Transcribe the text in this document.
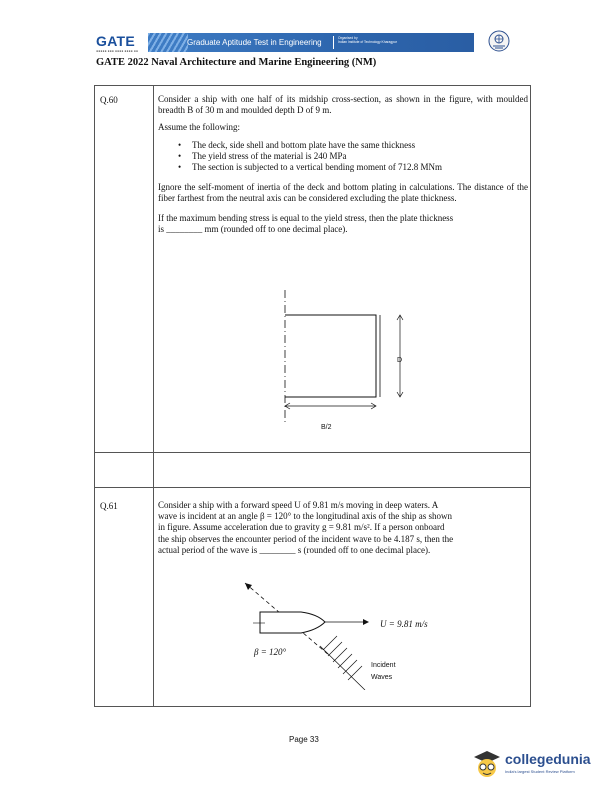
GATE
●●●●● ●●● ●●●● ●●●● ●●
Graduate Aptitude Test in Engineering	Organised by
Indian Institute of Technology Kharagpur
GATE 2022 Naval Architecture and Marine Engineering (NM)
Q.60	Consider a ship with one half of its midship cross-section, as shown in the figure, with moulded breadth B of 30 m and moulded depth D of 9 m.

Assume the following:

• The deck, side shell and bottom plate have the same thickness
• The yield stress of the material is 240 MPa
• The section is subjected to a vertical bending moment of 712.8 MNm

Ignore the self-moment of inertia of the deck and bottom plating in calculations. The distance of the fiber farthest from the neutral axis can be considered excluding the plate thickness.

If the maximum bending stress is equal to the yield stress, then the plate thickness

is ________ mm (rounded off to one decimal place).

D
B/2
Q.61	Consider a ship with a forward speed U of 9.81 m/s moving in deep waters. A

wave is incident at an angle β = 120° to the longitudinal axis of the ship as shown

in figure. Assume acceleration due to gravity g = 9.81 m/s². If a person onboard

the ship observes the encounter period of the incident wave to be 4.187 s, then the

actual period of the wave is ________ s (rounded off to one decimal place).

U = 9.81 m/s
β = 120°
Incident
Waves
Page 33
collegedunia
India's largest Student Review Platform
